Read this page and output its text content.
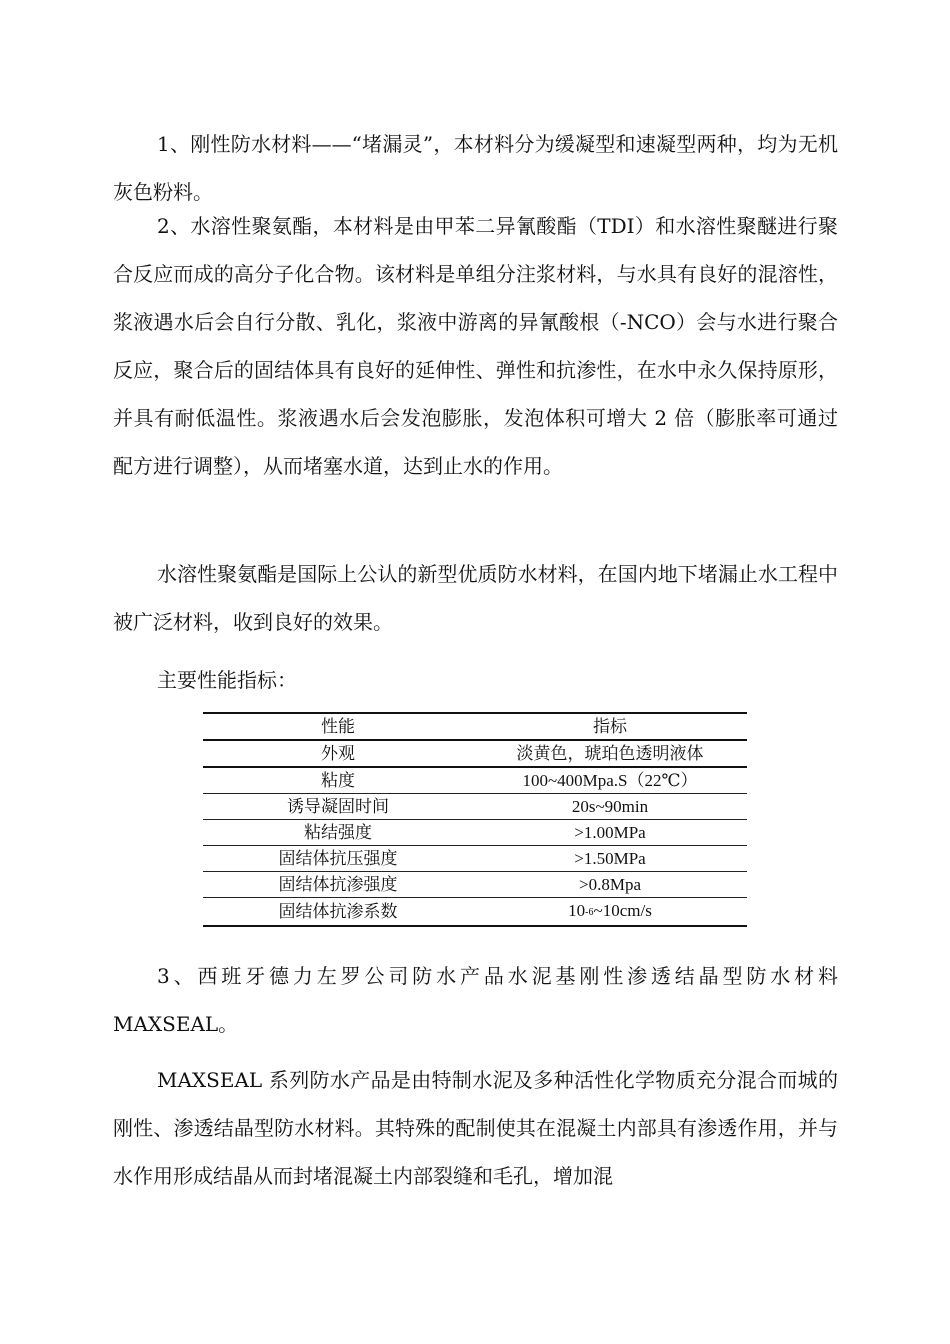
1、刚性防水材料——“堵漏灵”，本材料分为缓凝型和速凝型两种，均为无机灰色粉料。

2、水溶性聚氨酯，本材料是由甲苯二异氰酸酯（TDI）和水溶性聚醚进行聚合反应而成的高分子化合物。该材料是单组分注浆材料，与水具有良好的混溶性，浆液遇水后会自行分散、乳化，浆液中游离的异氰酸根（-NCO）会与水进行聚合反应，聚合后的固结体具有良好的延伸性、弹性和抗渗性，在水中永久保持原形，并具有耐低温性。浆液遇水后会发泡膨胀，发泡体积可增大 2 倍（膨胀率可通过配方进行调整），从而堵塞水道，达到止水的作用。

水溶性聚氨酯是国际上公认的新型优质防水材料，在国内地下堵漏止水工程中被广泛材料，收到良好的效果。

主要性能指标：

性能	指标
外观	淡黄色，琥珀色透明液体
粘度	100~400Mpa.S（22℃）
诱导凝固时间	20s~90min
粘结强度	>1.00MPa
固结体抗压强度	>1.50MPa
固结体抗渗强度	>0.8Mpa
固结体抗渗系数	$10^{-6}\sim 10cm/s$

3、西班牙德力左罗公司防水产品水泥基刚性渗透结晶型防水材料 MAXSEAL。

MAXSEAL 系列防水产品是由特制水泥及多种活性化学物质充分混合而城的刚性、渗透结晶型防水材料。其特殊的配制使其在混凝土内部具有渗透作用，并与水作用形成结晶从而封堵混凝土内部裂缝和毛孔，增加混
